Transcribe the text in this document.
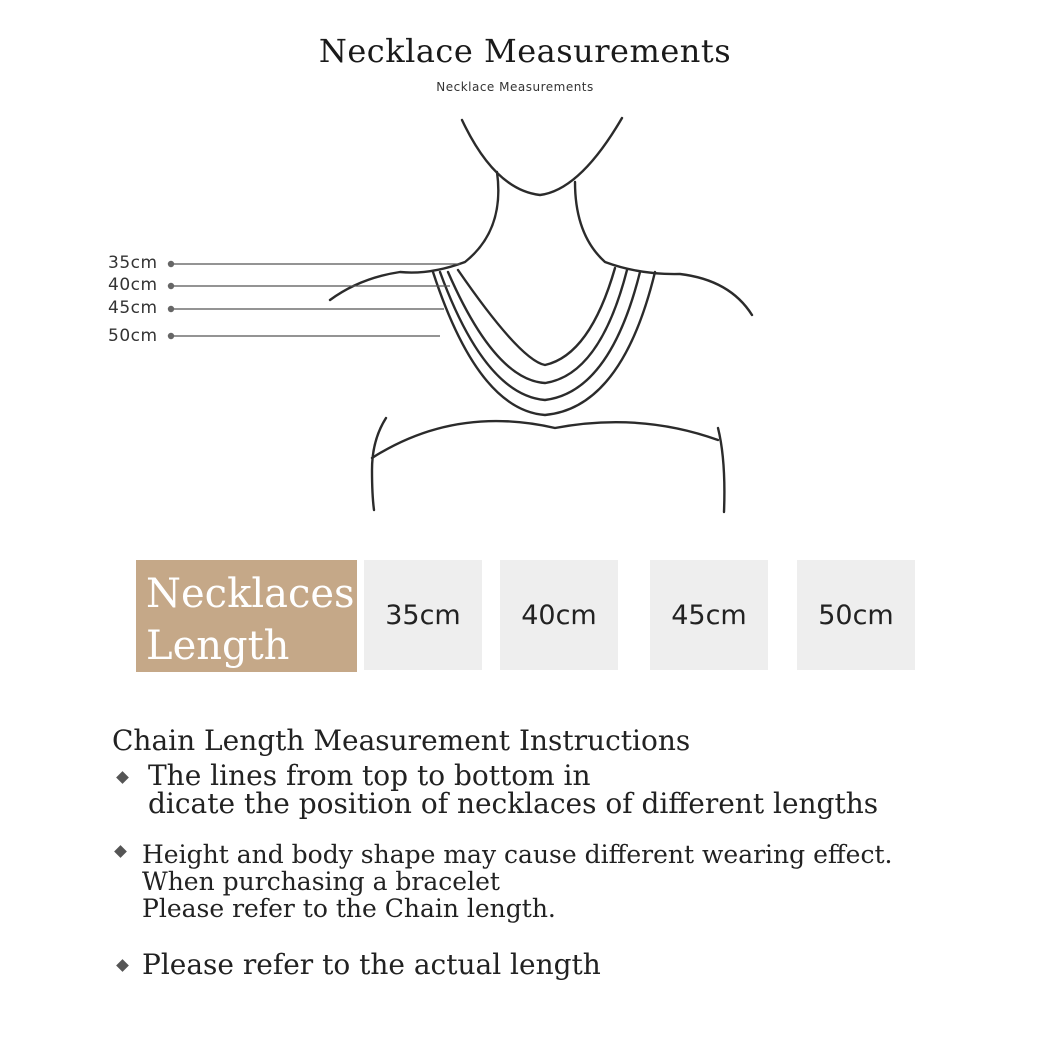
Necklace Measurements
Necklace Measurements
35cm
40cm
45cm
50cm
Necklaces
Length
35cm	40cm	45cm	50cm
Chain Length Measurement Instructions
The lines from top to bottom in
dicate the position of necklaces of different lengths
Height and body shape may cause different wearing effect.
When purchasing a bracelet
Please refer to the Chain length.
Please refer to the actual length
